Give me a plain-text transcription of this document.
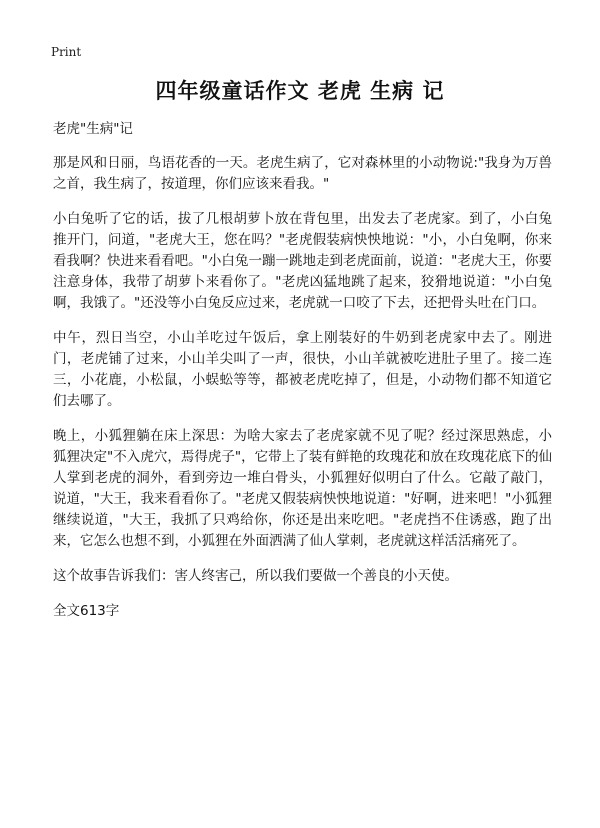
Print
四年级童话作文 老虎 生病 记

老虎"生病"记

那是风和日丽，鸟语花香的一天。老虎生病了，它对森林里的小动物说:"我身为万兽之首，我生病了，按道理，你们应该来看我。"

小白兔听了它的话，拔了几根胡萝卜放在背包里，出发去了老虎家。到了，小白兔推开门，问道，"老虎大王，您在吗？"老虎假装病怏怏地说："小，小白兔啊，你来看我啊？快进来看看吧。"小白兔一蹦一跳地走到老虎面前，说道："老虎大王，你要注意身体，我带了胡萝卜来看你了。"老虎凶猛地跳了起来，狡猾地说道："小白兔啊，我饿了。"还没等小白兔反应过来，老虎就一口咬了下去，还把骨头吐在门口。

中午，烈日当空，小山羊吃过午饭后，拿上刚装好的牛奶到老虎家中去了。刚进门，老虎铺了过来，小山羊尖叫了一声，很快，小山羊就被吃进肚子里了。接二连三，小花鹿，小松鼠，小蜈蚣等等，都被老虎吃掉了，但是，小动物们都不知道它们去哪了。

晚上，小狐狸躺在床上深思：为啥大家去了老虎家就不见了呢？经过深思熟虑，小狐狸决定"不入虎穴，焉得虎子"，它带上了装有鲜艳的玫瑰花和放在玫瑰花底下的仙人掌到老虎的洞外，看到旁边一堆白骨头，小狐狸好似明白了什么。它敲了敲门，说道，"大王，我来看看你了。"老虎又假装病怏怏地说道："好啊，进来吧！"小狐狸继续说道，"大王，我抓了只鸡给你，你还是出来吃吧。"老虎挡不住诱惑，跑了出来，它怎么也想不到，小狐狸在外面洒满了仙人掌刺，老虎就这样活活痛死了。

这个故事告诉我们：害人终害己，所以我们要做一个善良的小天使。

全文613字
